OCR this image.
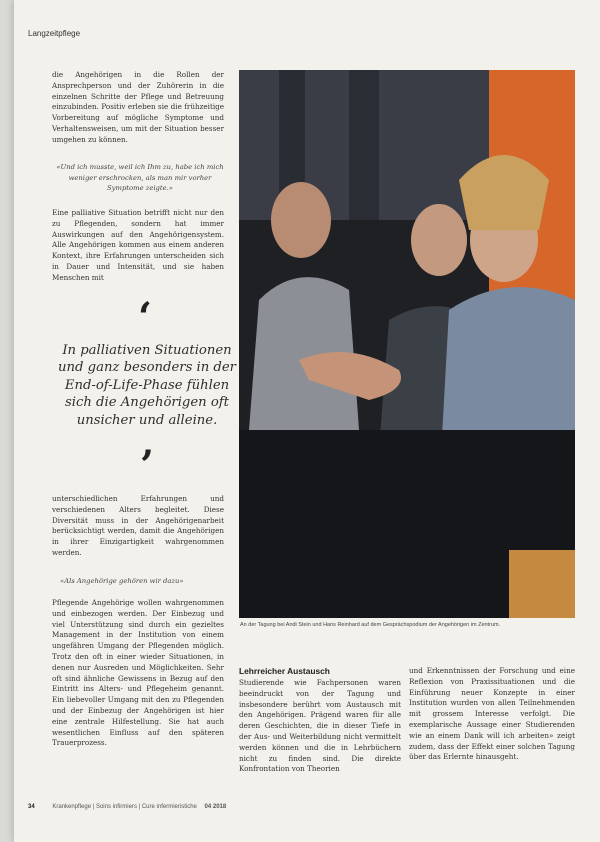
Langzeitpflege

die Angehörigen in die Rollen der Ansprechperson und der Zuhörerin in die einzelnen Schritte der Pflege und Betreuung einzubinden. Positiv erleben sie die frühzeitige Vorbereitung auf mögliche Symptome und Verhaltensweisen, um mit der Situation besser umgehen zu können.

«Und ich musste, weil ich Ihm zu, habe ich mich weniger erschrocken, als man mir vorher Symptome zeigte.»

Eine palliative Situation betrifft nicht nur den zu Pflegenden, sondern hat immer Auswirkungen auf den Angehörigensystem. Alle Angehörigen kommen aus einem anderen Kontext, ihre Erfahrungen unterscheiden sich in Dauer und Intensität, und sie haben Menschen mit

‘
In palliativen Situationen und ganz besonders in der End-of-Life-Phase fühlen sich die Angehörigen oft unsicher und alleine.
’

unterschiedlichen Erfahrungen und verschiedenen Alters begleitet. Diese Diversität muss in der Angehörigenarbeit berücksichtigt werden, damit die Angehörigen in ihrer Einzigartigkeit wahrgenommen werden.

«Als Angehörige gehören wir dazu»

Pflegende Angehörige wollen wahrgenommen und einbezogen werden. Der Einbezug und viel Unterstützung sind durch ein gezieltes Management in der Institution von einem ungefähren Umgang der Pflegenden möglich. Trotz den oft in einer wieder Situationen, in denen nur Ausreden und Möglichkeiten. Sehr oft sind ähnliche Gewissens in Bezug auf den Eintritt ins Alters- und Pflegeheim genannt. Ein liebevoller Umgang mit den zu Pflegenden und der Einbezug der Angehörigen ist hier eine zentrale Hilfestellung. Sie hat auch wesentlichen Einfluss auf den späteren Trauerprozess.

An der Tagung bei Andi Stein und Hans Reinhard auf dem Gesprächspodium der Angehörigen im Zentrum.
Lehrreicher Austausch

Studierende wie Fachpersonen waren beeindruckt von der Tagung und insbesondere berührt vom Austausch mit den Angehörigen. Prägend waren für alle deren Geschichten, die in dieser Tiefe in der Aus- und Weiterbildung nicht vermittelt werden können und die in Lehrbüchern nicht zu finden sind. Die direkte Konfrontation von Theorien

und Erkenntnissen der Forschung und eine Reflexion von Praxissituationen und die Einführung neuer Konzepte in einer Institution wurden von allen Teilnehmenden mit grossem Interesse verfolgt. Die exemplarische Aussage einer Studierenden wie an einem Dank will ich arbeiten» zeigt zudem, dass der Effekt einer solchen Tagung über das Erlernte hinausgeht.

34	Krankenpflege | Soins infirmiers | Cure infermieristiche 04 2018
